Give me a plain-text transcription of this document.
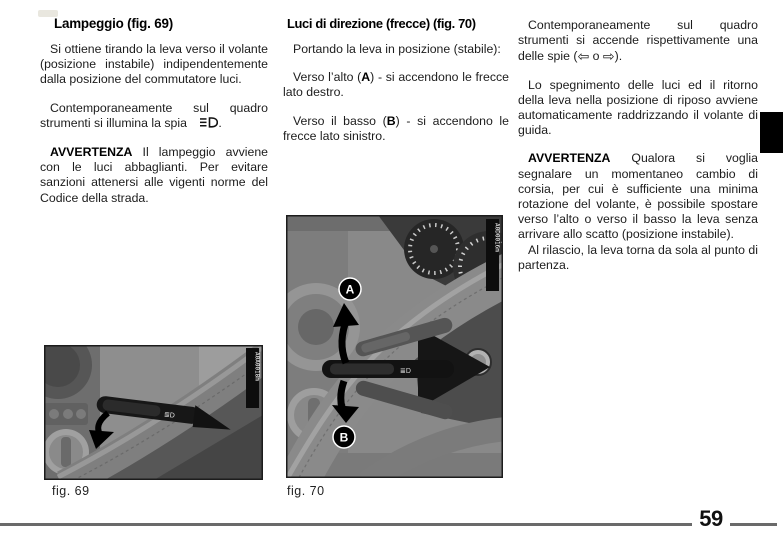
Lampeggio (fig. 69)

Si ottiene tirando la leva verso il volante (posizione instabile) indipendentemente dalla posizione del commutatore luci.

Contemporaneamente sul quadro strumenti si illumina la spia .

AVVERTENZA Il lampeggio avviene con le luci abbaglianti. Per evitare sanzioni attenersi alle vigenti norme del Codice della strada.

Luci di direzione (frecce) (fig. 70)

Portando la leva in posizione (stabile):

Verso l’alto (A) - si accendono le frecce lato destro.

Verso il basso (B) - si accendono le frecce lato sinistro.

Contemporaneamente sul quadro strumenti si accende rispettivamente una delle spie (⇦ o ⇨).

Lo spegnimento delle luci ed il ritorno della leva nella posizione di riposo avviene automaticamente raddrizzando il volante di guida.

AVVERTENZA Qualora si voglia segnalare un momentaneo cambio di corsia, per cui è sufficiente una minima rotazione del volante, è possibile spostare verso l’alto o verso il basso la leva senza arrivare allo scatto (posizione instabile).

Al rilascio, la leva torna da sola al punto di partenza.

≣D
A0A0018m
fig. 69
≣D
A
B
A0D0016m
fig. 70
59
